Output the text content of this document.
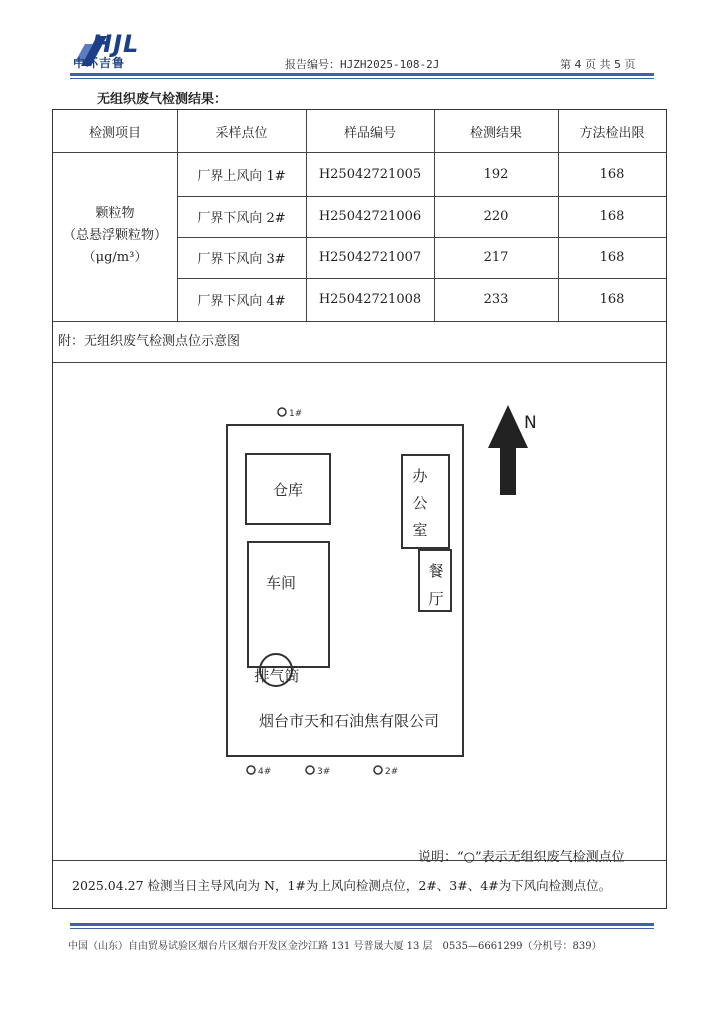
HJL
中环吉鲁	报告编号：HJZH2025-108-2J	第 4 页 共 5 页
无组织废气检测结果：
检测项目	采样点位	样品编号	检测结果	方法检出限
颗粒物
（总悬浮颗粒物）
（μg/m³）
厂界上风向 1#	H25042721005	192	168
厂界下风向 2#	H25042721006	220	168
厂界下风向 3#	H25042721007	217	168
厂界下风向 4#	H25042721008	233	168
附：无组织废气检测点位示意图
仓库
车间
排气筒
办
公
室
餐
厅
烟台市天和石油焦有限公司
N
1#
4#	3#	2#
说明：“○”表示无组织废气检测点位
2025.04.27 检测当日主导风向为 N，1#为上风向检测点位，2#、3#、4#为下风向检测点位。
中国（山东）自由贸易试验区烟台片区烟台开发区金沙江路 131 号普晟大厦 13 层　0535—6661299（分机号：839）
